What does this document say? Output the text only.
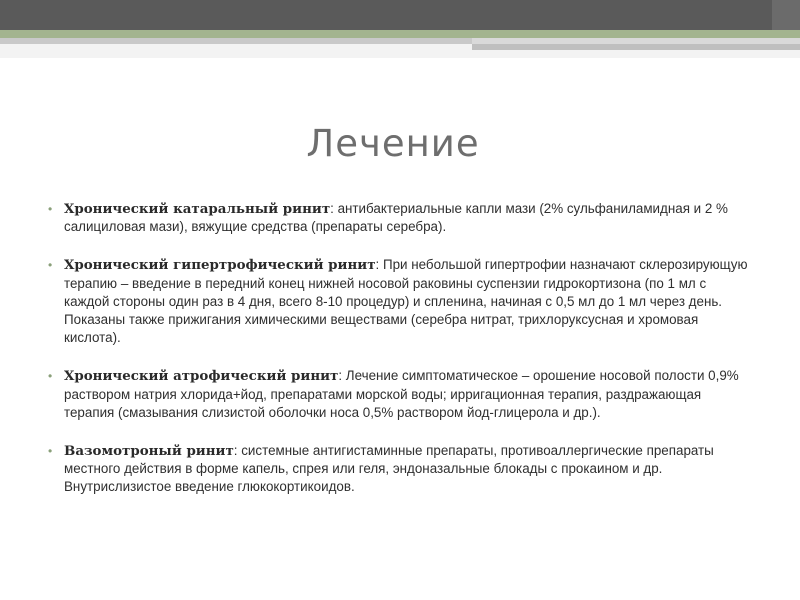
Лечение
• Хронический катаральный ринит: антибактериальные капли мази (2% сульфаниламидная и 2 % салициловая мази), вяжущие средства (препараты серебра).
• Хронический гипертрофический ринит: При небольшой гипертрофии назначают склерозирующую терапию – введение в передний конец нижней носовой раковины суспензии гидрокортизона (по 1 мл с каждой стороны один раз в 4 дня, всего 8-10 процедур) и спленина, начиная с 0,5 мл до 1 мл через день. Показаны также прижигания химическими веществами (серебра нитрат, трихлоруксусная и хромовая кислота).
• Хронический атрофический ринит: Лечение симптоматическое – орошение носовой полости 0,9% раствором натрия хлорида+йод, препаратами морской воды; ирригационная терапия, раздражающая терапия (смазывания слизистой оболочки носа 0,5% раствором йод-глицерола и др.).
• Вазомотроный ринит: системные антигистаминные препараты, противоаллергические препараты местного действия в форме капель, спрея или геля, эндоназальные блокады с прокаином и др. Внутрислизистое введение глюкокортикоидов.
